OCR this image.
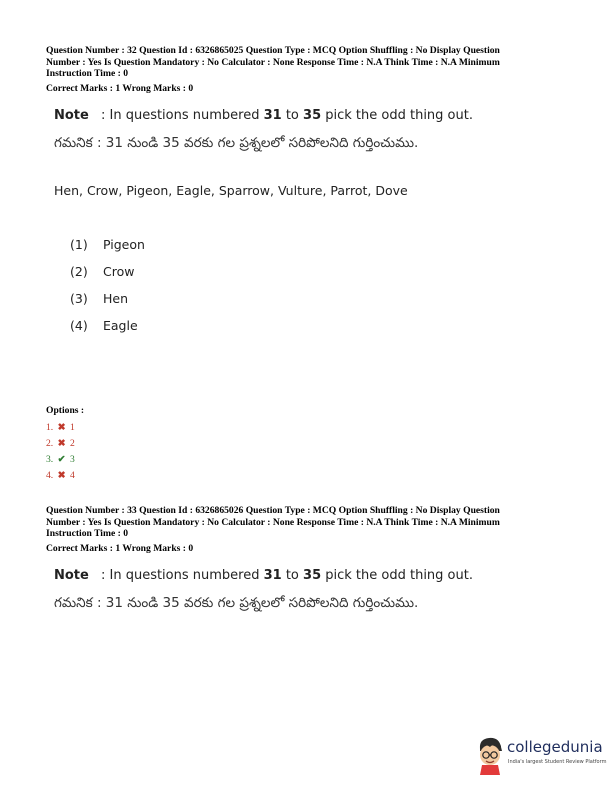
Question Number : 32 Question Id : 6326865025 Question Type : MCQ Option Shuffling : No Display Question
Number : Yes Is Question Mandatory : No Calculator : None Response Time : N.A Think Time : N.A Minimum
Instruction Time : 0
Correct Marks : 1 Wrong Marks : 0
Note : In questions numbered 31 to 35 pick the odd thing out.
గమనిక : 31 నుండి 35 వరకు గల ప్రశ్నలలో సరిపోలనిది గుర్తించుము.
Hen, Crow, Pigeon, Eagle, Sparrow, Vulture, Parrot, Dove
(1) Pigeon
(2) Crow
(3) Hen
(4) Eagle
Options :
1. ✖ 1
2. ✖ 2
3. ✔ 3
4. ✖ 4
Question Number : 33 Question Id : 6326865026 Question Type : MCQ Option Shuffling : No Display Question
Number : Yes Is Question Mandatory : No Calculator : None Response Time : N.A Think Time : N.A Minimum
Instruction Time : 0
Correct Marks : 1 Wrong Marks : 0
Note : In questions numbered 31 to 35 pick the odd thing out.
గమనిక : 31 నుండి 35 వరకు గల ప్రశ్నలలో సరిపోలనిది గుర్తించుము.
collegedunia
India's largest Student Review Platform
